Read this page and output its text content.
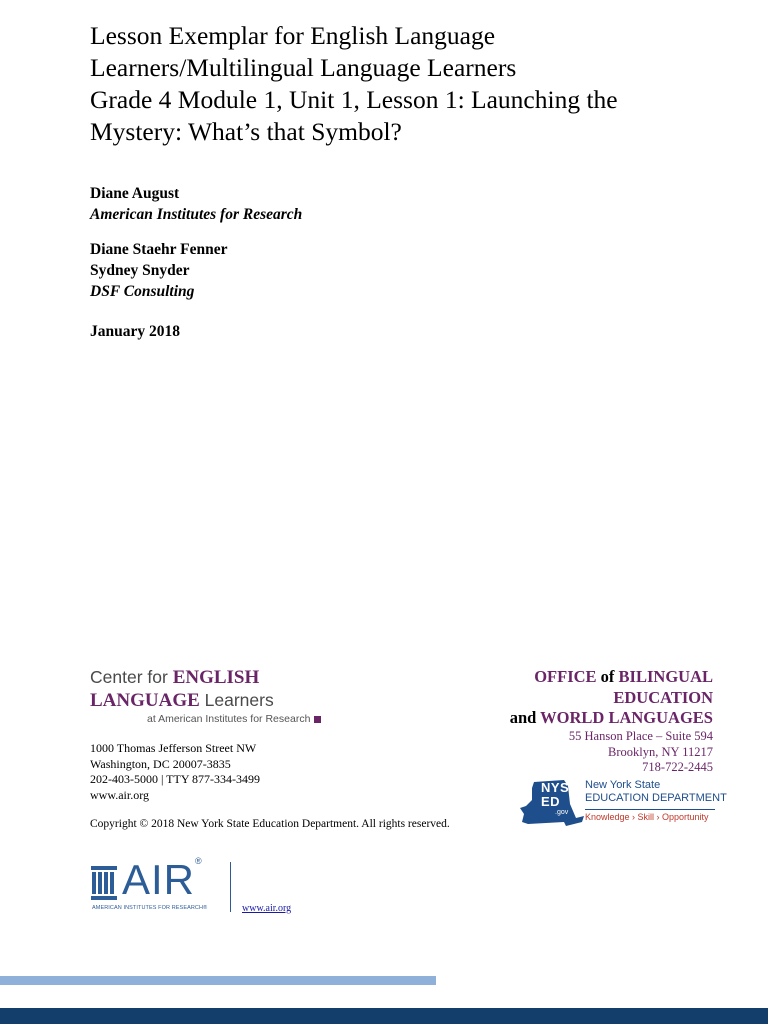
Lesson Exemplar for English Language
Learners/Multilingual Language Learners
Grade 4 Module 1, Unit 1, Lesson 1: Launching the
Mystery: What’s that Symbol?
Diane August
American Institutes for Research
Diane Staehr Fenner
Sydney Snyder
DSF Consulting
January 2018
Center for ENGLISH
LANGUAGE Learners
at American Institutes for Research
1000 Thomas Jefferson Street NW
Washington, DC 20007-3835
202-403-5000 | TTY 877-334-3499
www.air.org
Copyright © 2018 New York State Education Department. All rights reserved.
AIR®
AMERICAN INSTITUTES FOR RESEARCH®	www.air.org
OFFICE of BILINGUAL
EDUCATION
and WORLD LANGUAGES
55 Hanson Place – Suite 594
Brooklyn, NY 11217
718-722-2445
NYS
ED
.gov
New York State
EDUCATION DEPARTMENT
Knowledge › Skill › Opportunity
